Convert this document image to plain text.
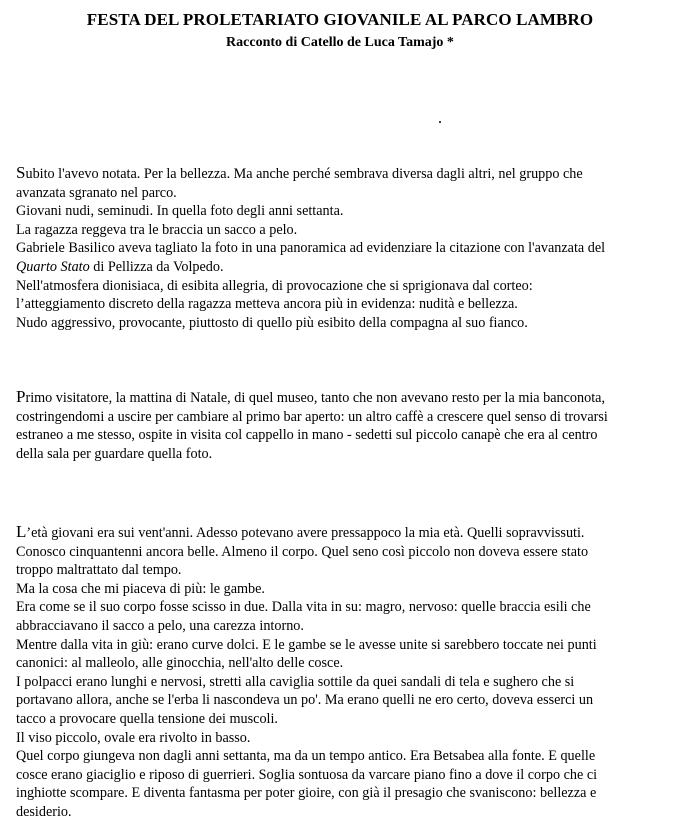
FESTA DEL PROLETARIATO GIOVANILE AL PARCO LAMBRO
Racconto di Catello de Luca Tamajo *
Subito l'avevo notata. Per la bellezza. Ma anche perché sembrava diversa dagli altri, nel gruppo che
avanzata sgranato nel parco.
Giovani nudi, seminudi. In quella foto degli anni settanta.
La ragazza reggeva tra le braccia un sacco a pelo.
Gabriele Basilico aveva tagliato la foto in una panoramica ad evidenziare la citazione con l'avanzata del
Quarto Stato di Pellizza da Volpedo.
Nell'atmosfera dionisiaca, di esibita allegria, di provocazione che si sprigionava dal corteo:
l’atteggiamento discreto della ragazza metteva ancora più in evidenza: nudità e bellezza.
Nudo aggressivo, provocante, piuttosto di quello più esibito della compagna al suo fianco.
Primo visitatore, la mattina di Natale, di quel museo, tanto che non avevano resto per la mia banconota,
costringendomi a uscire per cambiare al primo bar aperto: un altro caffè a crescere quel senso di trovarsi
estraneo a me stesso, ospite in visita col cappello in mano - sedetti sul piccolo canapè che era al centro
della sala per guardare quella foto.
L’età giovani era sui vent'anni. Adesso potevano avere pressappoco la mia età. Quelli sopravvissuti.
Conosco cinquantenni ancora belle. Almeno il corpo. Quel seno così piccolo non doveva essere stato
troppo maltrattato dal tempo.
Ma la cosa che mi piaceva di più: le gambe.
Era come se il suo corpo fosse scisso in due. Dalla vita in su: magro, nervoso: quelle braccia esili che
abbracciavano il sacco a pelo, una carezza intorno.
Mentre dalla vita in giù: erano curve dolci. E le gambe se le avesse unite si sarebbero toccate nei punti
canonici: al malleolo, alle ginocchia, nell'alto delle cosce.
I polpacci erano lunghi e nervosi, stretti alla caviglia sottile da quei sandali di tela e sughero che si
portavano allora, anche se l'erba li nascondeva un po'. Ma erano quelli ne ero certo, doveva esserci un
tacco a provocare quella tensione dei muscoli.
Il viso piccolo, ovale era rivolto in basso.
Quel corpo giungeva non dagli anni settanta, ma da un tempo antico. Era Betsabea alla fonte. E quelle
cosce erano giaciglio e riposo di guerrieri. Soglia sontuosa da varcare piano fino a dove il corpo che ci
inghiotte scompare. E diventa fantasma per poter gioire, con già il presagio che svaniscono: bellezza e
desiderio.
